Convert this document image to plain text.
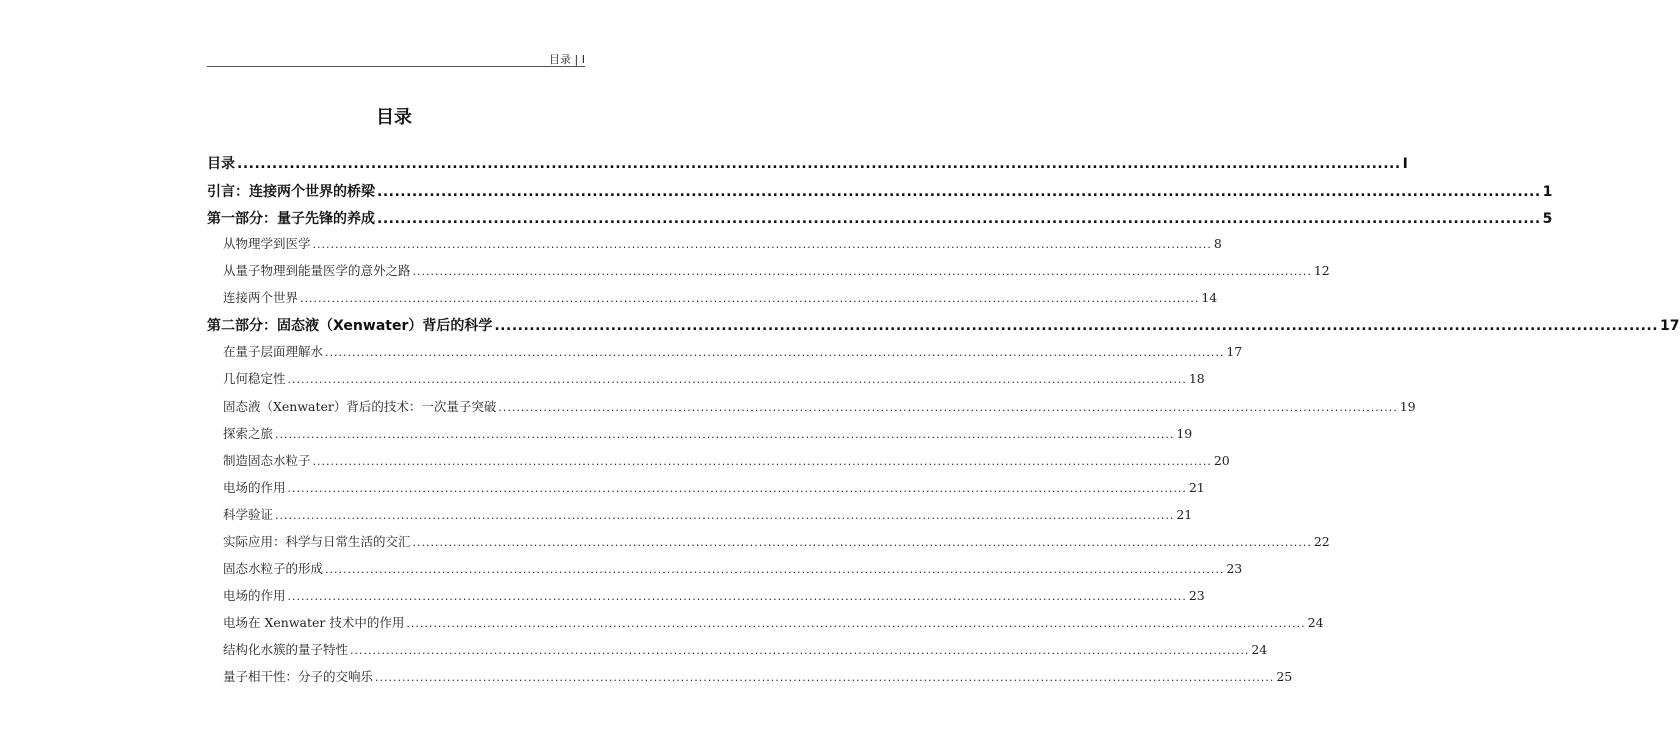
目录 | I
目录
目录 ........................................................................................................................................................................................................ I
引言：连接两个世界的桥梁 ........................................................................................................................................................................................................ 1
第一部分：量子先锋的养成 ........................................................................................................................................................................................................ 5
从物理学到医学 ........................................................................................................................................................................................................ 8
从量子物理到能量医学的意外之路 ........................................................................................................................................................................................................ 12
连接两个世界 ........................................................................................................................................................................................................ 14
第二部分：固态液（Xenwater）背后的科学 ........................................................................................................................................................................................................ 17
在量子层面理解水 ........................................................................................................................................................................................................ 17
几何稳定性 ........................................................................................................................................................................................................ 18
固态液（Xenwater）背后的技术：一次量子突破 ........................................................................................................................................................................................................ 19
探索之旅 ........................................................................................................................................................................................................ 19
制造固态水粒子 ........................................................................................................................................................................................................ 20
电场的作用 ........................................................................................................................................................................................................ 21
科学验证 ........................................................................................................................................................................................................ 21
实际应用：科学与日常生活的交汇 ........................................................................................................................................................................................................ 22
固态水粒子的形成 ........................................................................................................................................................................................................ 23
电场的作用 ........................................................................................................................................................................................................ 23
电场在 Xenwater 技术中的作用 ........................................................................................................................................................................................................ 24
结构化水簇的量子特性 ........................................................................................................................................................................................................ 24
量子相干性：分子的交响乐 ........................................................................................................................................................................................................ 25
